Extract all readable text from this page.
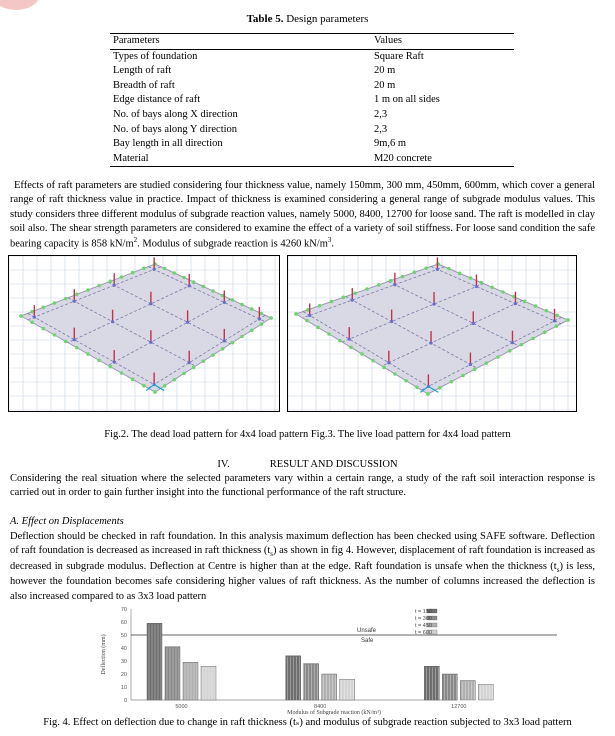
Table 5. Design parameters
Parameters	Values
Types of foundation	Square Raft
Length of raft	20 m
Breadth of raft	20 m
Edge distance of raft	1 m on all sides
No. of bays along X direction	2,3
No. of bays along Y direction	2,3
Bay length in all direction	9m,6 m
Material	M20 concrete

Effects of raft parameters are studied considering four thickness value, namely 150mm, 300 mm, 450mm, 600mm, which cover a general range of raft thickness value in practice. Impact of thickness is examined considering a general range of subgrade modulus values. This study considers three different modulus of subgrade reaction values, namely 5000, 8400, 12700 for loose sand. The raft is modelled in clay soil also. The shear strength parameters are considered to examine the effect of a variety of soil stiffness. For loose sand condition the safe bearing capacity is 858 $kN/m^2$. Modulus of subgrade reaction is 4260 $kN/m^3$.

Fig.2. The dead load pattern for 4x4 load pattern Fig.3. The live load pattern for 4x4 load pattern
IV.	RESULT AND DISCUSSION

Considering the real situation where the selected parameters vary within a certain range, a study of the raft soil interaction response is carried out in order to gain further insight into the functional performance of the raft structure.

A. Effect on Displacements

Deflection should be checked in raft foundation. In this analysis maximum deflection has been checked using SAFE software. Deflection of raft foundation is decreased as increased in raft thickness $(t_s)$ as shown in fig 4. However, displacement of raft foundation is increased as decreased in subgrade modulus. Deflection at Centre is higher than at the edge. Raft foundation is unsafe when the thickness $(t_s)$ is less, however the foundation becomes safe considering higher values of raft thickness. As the number of columns increased the deflection is also increased compared to as 3x3 load pattern

0
10
20
30
40
50
60
70
Deflection (mm)
Unsafe
Safe
5000	8400	12700
Modulus of Subgrade reaction (kN/m³)
t = 150
t = 300
t = 450
t = 600
Fig. 4. Effect on deflection due to change in raft thickness (tₛ) and modulus of subgrade reaction subjected to 3x3 load pattern
